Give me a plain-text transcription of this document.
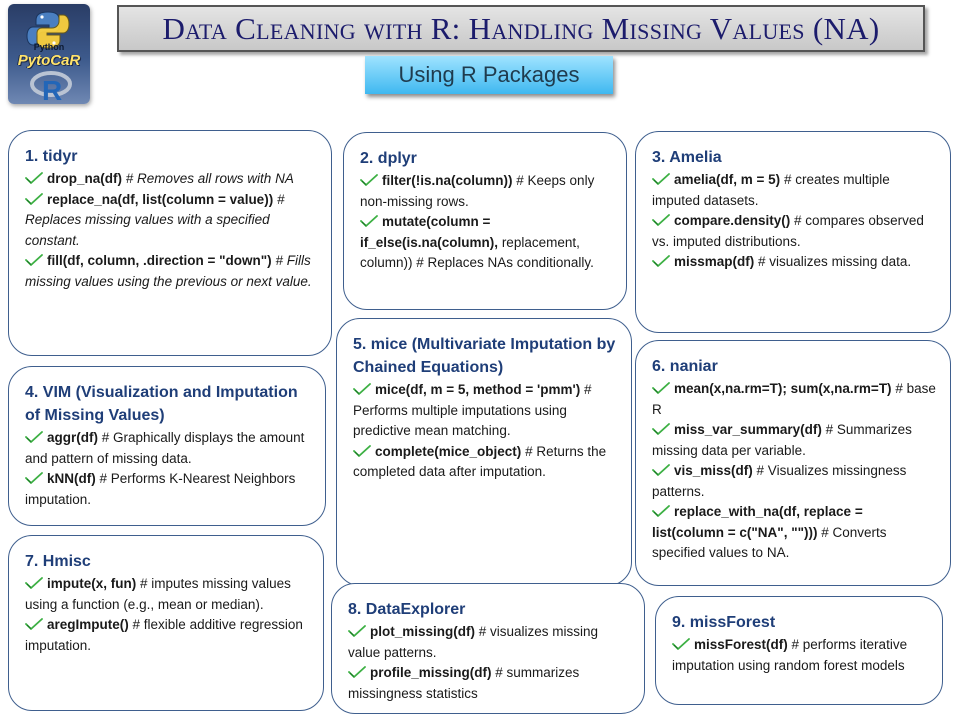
Python
PytoCaR
R
Data Cleaning with R: Handling Missing Values (NA)
Using R Packages
1. tidyr
drop_na(df) # Removes all rows with NA
replace_na(df, list(column = value)) # Replaces missing values with a specified constant.
fill(df, column, .direction = "down") # Fills missing values using the previous or next value.
2. dplyr
filter(!is.na(column)) # Keeps only non-missing rows.
mutate(column = if_else(is.na(column), replacement, column)) # Replaces NAs conditionally.
3. Amelia
amelia(df, m = 5) # creates multiple imputed datasets.
compare.density() # compares observed vs. imputed distributions.
missmap(df) # visualizes missing data.
4. VIM (Visualization and Imputation of Missing Values)
aggr(df) # Graphically displays the amount and pattern of missing data.
kNN(df) # Performs K-Nearest Neighbors imputation.
5. mice (Multivariate Imputation by Chained Equations)
mice(df, m = 5, method = 'pmm') # Performs multiple imputations using predictive mean matching.
complete(mice_object) # Returns the completed data after imputation.
6. naniar
mean(x,na.rm=T); sum(x,na.rm=T) # base R
miss_var_summary(df) # Summarizes missing data per variable.
vis_miss(df) # Visualizes missingness patterns.
replace_with_na(df, replace = list(column = c("NA", ""))) # Converts specified values to NA.
7. Hmisc
impute(x, fun) # imputes missing values using a function (e.g., mean or median).
aregImpute() # flexible additive regression imputation.
8. DataExplorer
plot_missing(df) # visualizes missing value patterns.
profile_missing(df) # summarizes missingness statistics
9. missForest
missForest(df) # performs iterative imputation using random forest models
